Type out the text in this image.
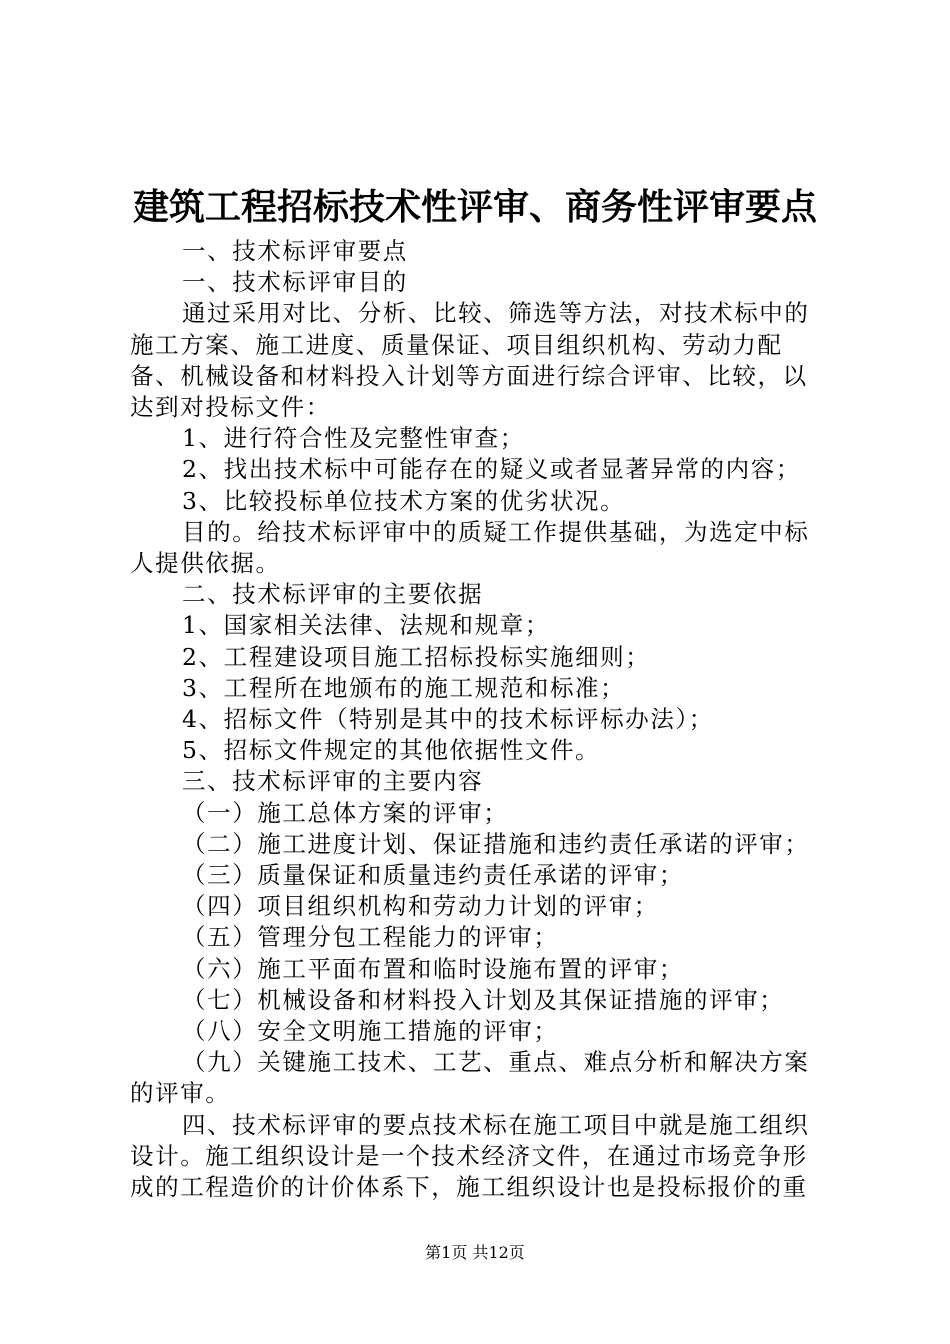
建筑工程招标技术性评审、商务性评审要点

一、技术标评审要点

一、技术标评审目的

通过采用对比、分析、比较、筛选等方法，对技术标中的施工方案、施工进度、质量保证、项目组织机构、劳动力配备、机械设备和材料投入计划等方面进行综合评审、比较，以达到对投标文件：

1、进行符合性及完整性审查；

2、找出技术标中可能存在的疑义或者显著异常的内容；

3、比较投标单位技术方案的优劣状况。

目的。给技术标评审中的质疑工作提供基础，为选定中标人提供依据。

二、技术标评审的主要依据

1、国家相关法律、法规和规章；

2、工程建设项目施工招标投标实施细则；

3、工程所在地颁布的施工规范和标准；

4、招标文件（特别是其中的技术标评标办法）；

5、招标文件规定的其他依据性文件。

三、技术标评审的主要内容

（一）施工总体方案的评审；

（二）施工进度计划、保证措施和违约责任承诺的评审；

（三）质量保证和质量违约责任承诺的评审；

（四）项目组织机构和劳动力计划的评审；

（五）管理分包工程能力的评审；

（六）施工平面布置和临时设施布置的评审；

（七）机械设备和材料投入计划及其保证措施的评审；

（八）安全文明施工措施的评审；

（九）关键施工技术、工艺、重点、难点分析和解决方案的评审。

四、技术标评审的要点技术标在施工项目中就是施工组织设计。施工组织设计是一个技术经济文件，在通过市场竞争形成的工程造价的计价体系下，施工组织设计也是投标报价的重

第1页 共12页
